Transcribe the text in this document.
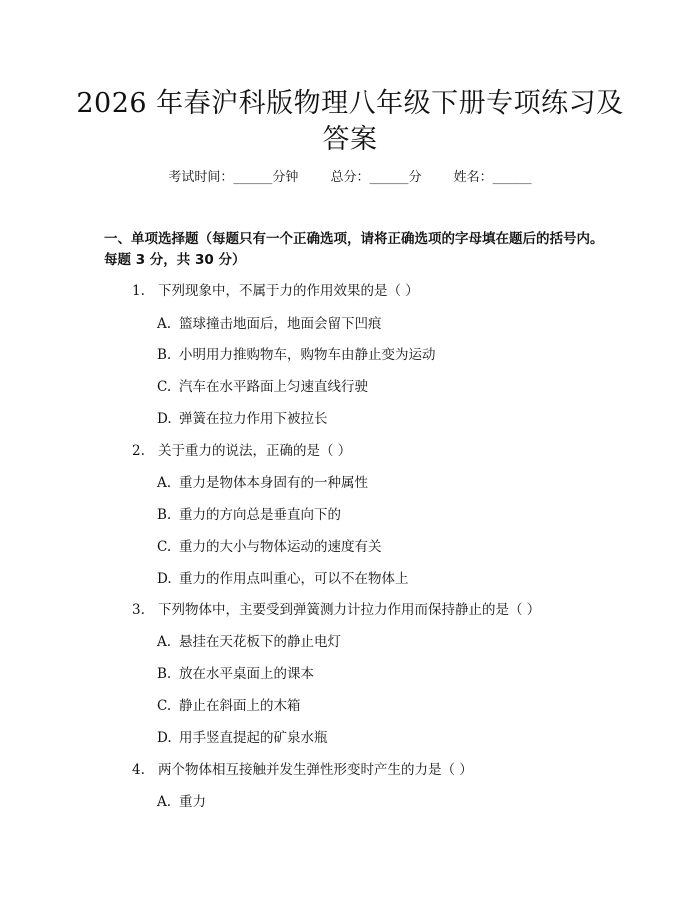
2026 年春沪科版物理八年级下册专项练习及答案
考试时间：______分钟 总分：______分 姓名：______
一、单项选择题（每题只有一个正确选项，请将正确选项的字母填在题后的括号内。每题 3 分，共 30 分）
1. 下列现象中，不属于力的作用效果的是（ ）
A. 篮球撞击地面后，地面会留下凹痕
B. 小明用力推购物车，购物车由静止变为运动
C. 汽车在水平路面上匀速直线行驶
D. 弹簧在拉力作用下被拉长
2. 关于重力的说法，正确的是（ ）
A. 重力是物体本身固有的一种属性
B. 重力的方向总是垂直向下的
C. 重力的大小与物体运动的速度有关
D. 重力的作用点叫重心，可以不在物体上
3. 下列物体中，主要受到弹簧测力计拉力作用而保持静止的是（ ）
A. 悬挂在天花板下的静止电灯
B. 放在水平桌面上的课本
C. 静止在斜面上的木箱
D. 用手竖直提起的矿泉水瓶
4. 两个物体相互接触并发生弹性形变时产生的力是（ ）
A. 重力
